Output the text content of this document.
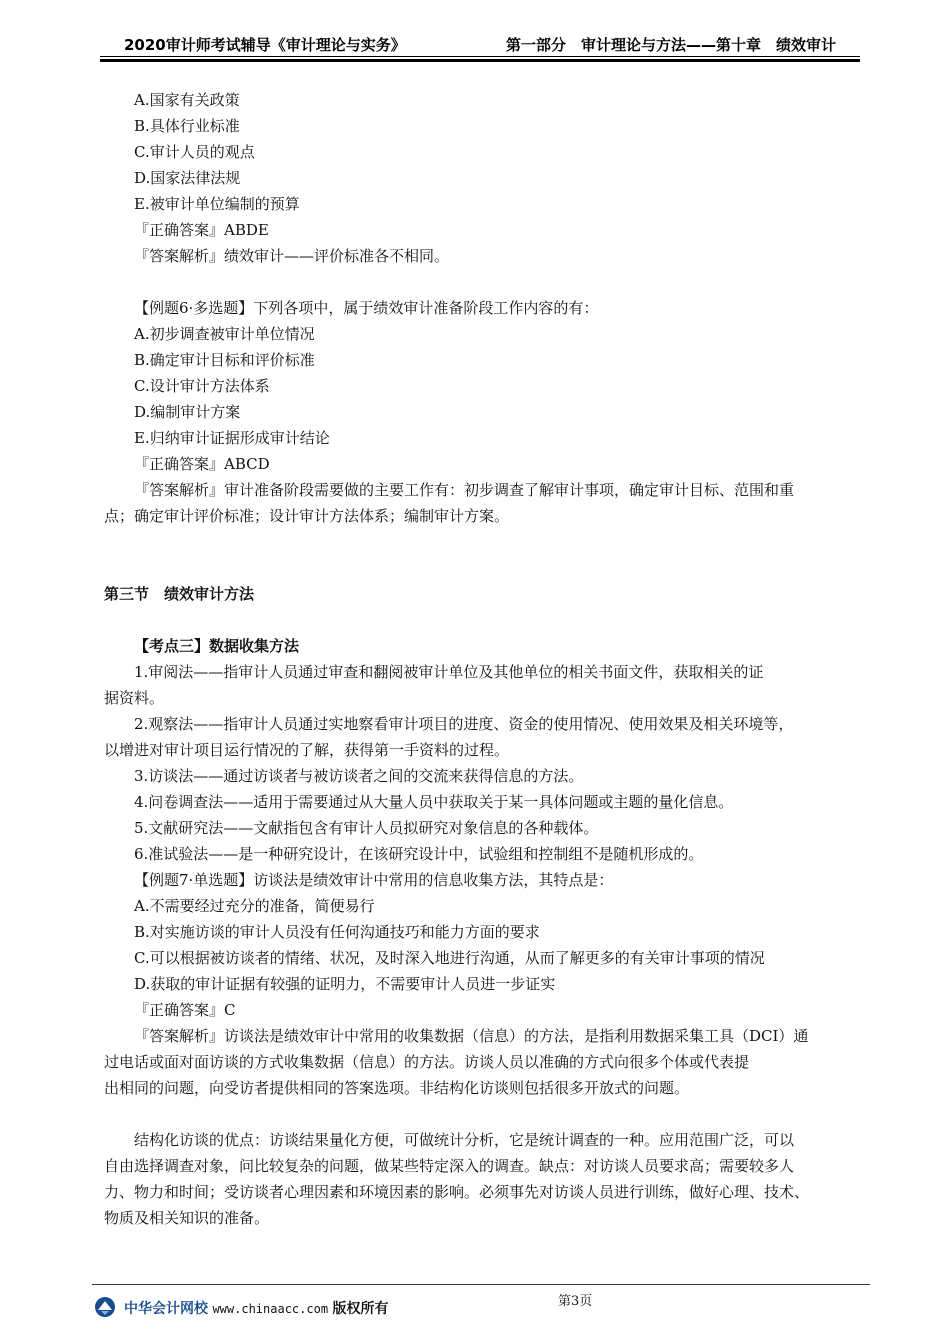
2020审计师考试辅导《审计理论与实务》	第一部分　审计理论与方法——第十章　绩效审计
A.国家有关政策
B.具体行业标准
C.审计人员的观点
D.国家法律法规
E.被审计单位编制的预算
『正确答案』ABDE
『答案解析』绩效审计——评价标准各不相同。
【例题6·多选题】下列各项中，属于绩效审计准备阶段工作内容的有：
A.初步调查被审计单位情况
B.确定审计目标和评价标准
C.设计审计方法体系
D.编制审计方案
E.归纳审计证据形成审计结论
『正确答案』ABCD
『答案解析』审计准备阶段需要做的主要工作有：初步调查了解审计事项，确定审计目标、范围和重
点；确定审计评价标准；设计审计方法体系；编制审计方案。
第三节　绩效审计方法
【考点三】数据收集方法
1.审阅法——指审计人员通过审查和翻阅被审计单位及其他单位的相关书面文件，获取相关的证
据资料。
2.观察法——指审计人员通过实地察看审计项目的进度、资金的使用情况、使用效果及相关环境等，
以增进对审计项目运行情况的了解，获得第一手资料的过程。
3.访谈法——通过访谈者与被访谈者之间的交流来获得信息的方法。
4.问卷调查法——适用于需要通过从大量人员中获取关于某一具体问题或主题的量化信息。
5.文献研究法——文献指包含有审计人员拟研究对象信息的各种载体。
6.准试验法——是一种研究设计，在该研究设计中，试验组和控制组不是随机形成的。
【例题7·单选题】访谈法是绩效审计中常用的信息收集方法，其特点是：
A.不需要经过充分的准备，简便易行
B.对实施访谈的审计人员没有任何沟通技巧和能力方面的要求
C.可以根据被访谈者的情绪、状况，及时深入地进行沟通，从而了解更多的有关审计事项的情况
D.获取的审计证据有较强的证明力，不需要审计人员进一步证实
『正确答案』C
『答案解析』访谈法是绩效审计中常用的收集数据（信息）的方法，是指利用数据采集工具（DCI）通
过电话或面对面访谈的方式收集数据（信息）的方法。访谈人员以准确的方式向很多个体或代表提
出相同的问题，向受访者提供相同的答案选项。非结构化访谈则包括很多开放式的问题。
结构化访谈的优点：访谈结果量化方便，可做统计分析，它是统计调查的一种。应用范围广泛，可以
自由选择调查对象，问比较复杂的问题，做某些特定深入的调查。缺点：对访谈人员要求高；需要较多人
力、物力和时间；受访谈者心理因素和环境因素的影响。必须事先对访谈人员进行训练，做好心理、技术、
物质及相关知识的准备。
第3页
中华会计网校 www.chinaacc.com 版权所有
